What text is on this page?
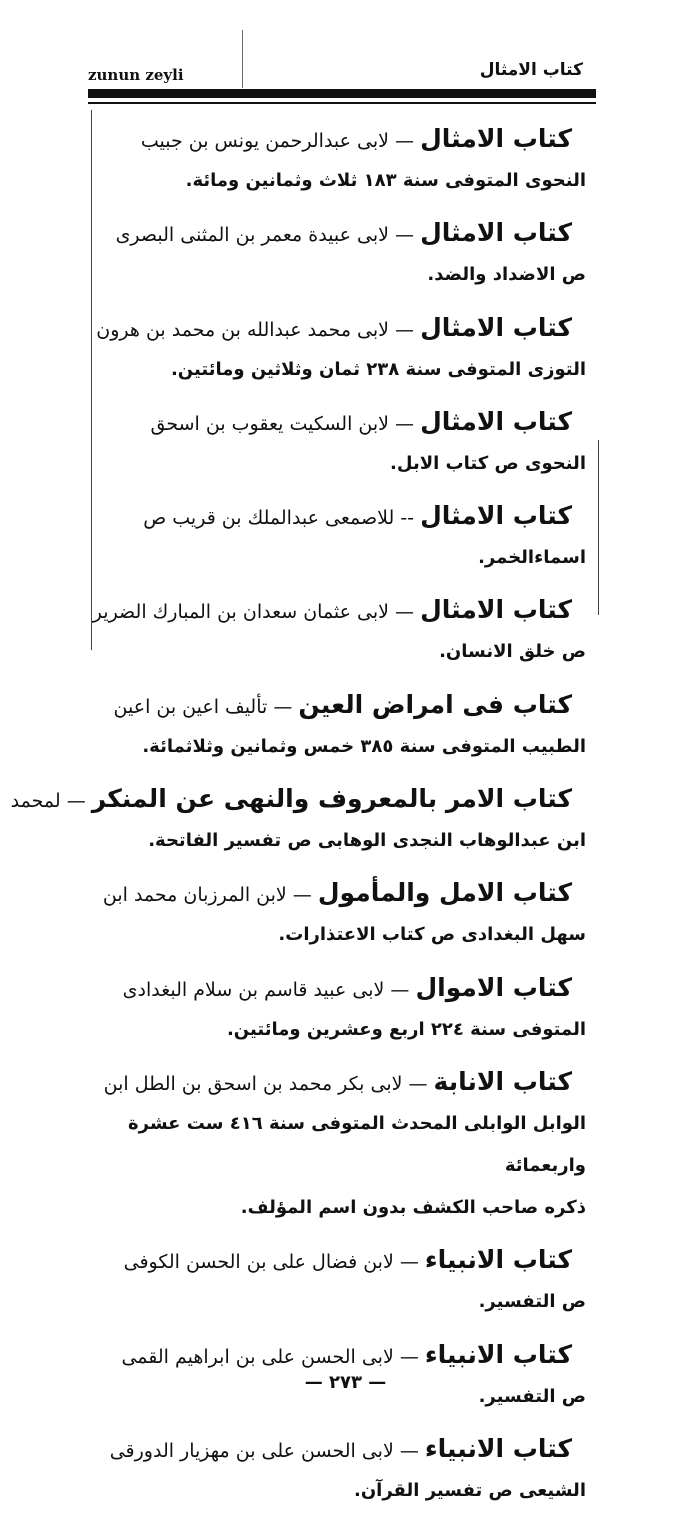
zunun zeyli	كتاب الامثال
كتاب الامثال — لابى عبدالرحمن يونس بن جبيب
النحوى المتوفى سنة ١٨٣ ثلاث وثمانين ومائة.
كتاب الامثال — لابى عبيدة معمر بن المثنى البصرى
ص الاضداد والضد.
كتاب الامثال — لابى محمد عبدالله بن محمد بن هرون
التوزى المتوفى سنة ٢٣٨ ثمان وثلاثين ومائتين.
كتاب الامثال — لابن السكيت يعقوب بن اسحق
النحوى ص كتاب الابل.
كتاب الامثال -- للاصمعى عبدالملك بن قريب ص
اسماءالخمر.
كتاب الامثال — لابى عثمان سعدان بن المبارك الضرير
ص خلق الانسان.
كتاب فى امراض العين — تأليف اعين بن اعين
الطبيب المتوفى سنة ٣٨٥ خمس وثمانين وثلاثمائة.
كتاب الامر بالمعروف والنهى عن المنكر — لمحمد
ابن عبدالوهاب النجدى الوهابى ص تفسير الفاتحة.
كتاب الامل والمأمول — لابن المرزبان محمد ابن
سهل البغدادى ص كتاب الاعتذارات.
كتاب الاموال — لابى عبيد قاسم بن سلام البغدادى
المتوفى سنة ٢٢٤ اربع وعشرين ومائتين.
كتاب الانابة — لابى بكر محمد بن اسحق بن الطل ابن
الوابل الوابلى المحدث المتوفى سنة ٤١٦ ست عشرة واربعمائة
ذكره صاحب الكشف بدون اسم المؤلف.
كتاب الانبياء — لابن فضال على بن الحسن الكوفى
ص التفسير.
كتاب الانبياء — لابى الحسن على بن ابراهيم القمى
ص التفسير.
كتاب الانبياء — لابى الحسن على بن مهزيار الدورقى
الشيعى ص تفسير القرآن.
— ٢٧٣ —
